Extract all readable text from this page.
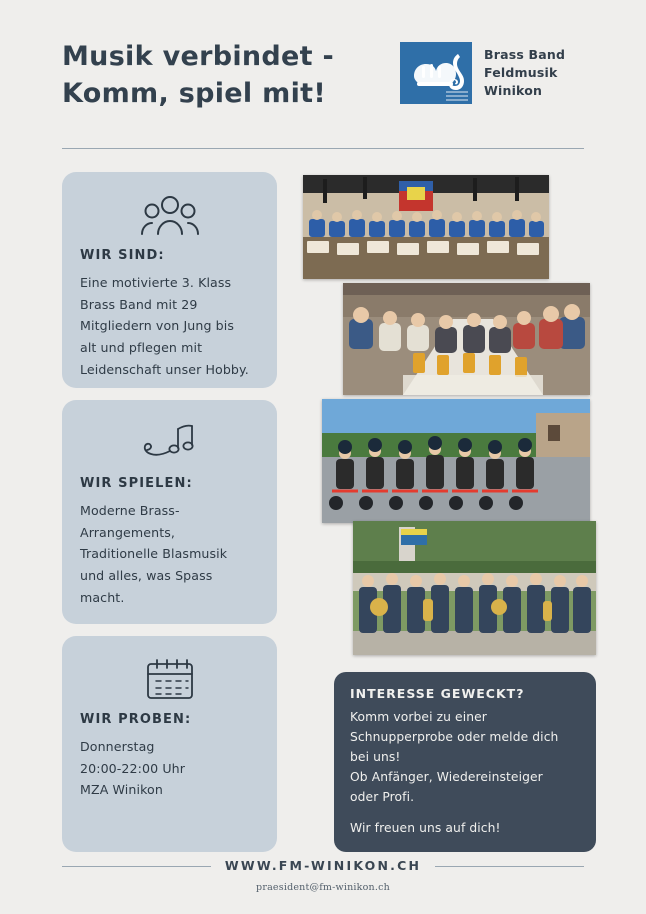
Musik verbindet -
Komm, spiel mit!
Brass Band
Feldmusik
Winikon
WIR SIND:
Eine motivierte 3. Klass
Brass Band mit 29
Mitgliedern von Jung bis
alt und pflegen mit
Leidenschaft unser Hobby.
WIR SPIELEN:
Moderne Brass-
Arrangements,
Traditionelle Blasmusik
und alles, was Spass
macht.
WIR PROBEN:
Donnerstag
20:00-22:00 Uhr
MZA Winikon
INTERESSE GEWECKT?
Komm vorbei zu einer
Schnupperprobe oder melde dich
bei uns!
Ob Anfänger, Wiedereinsteiger
oder Profi.
Wir freuen uns auf dich!
WWW.FM-WINIKON.CH
praesident@fm-winikon.ch
